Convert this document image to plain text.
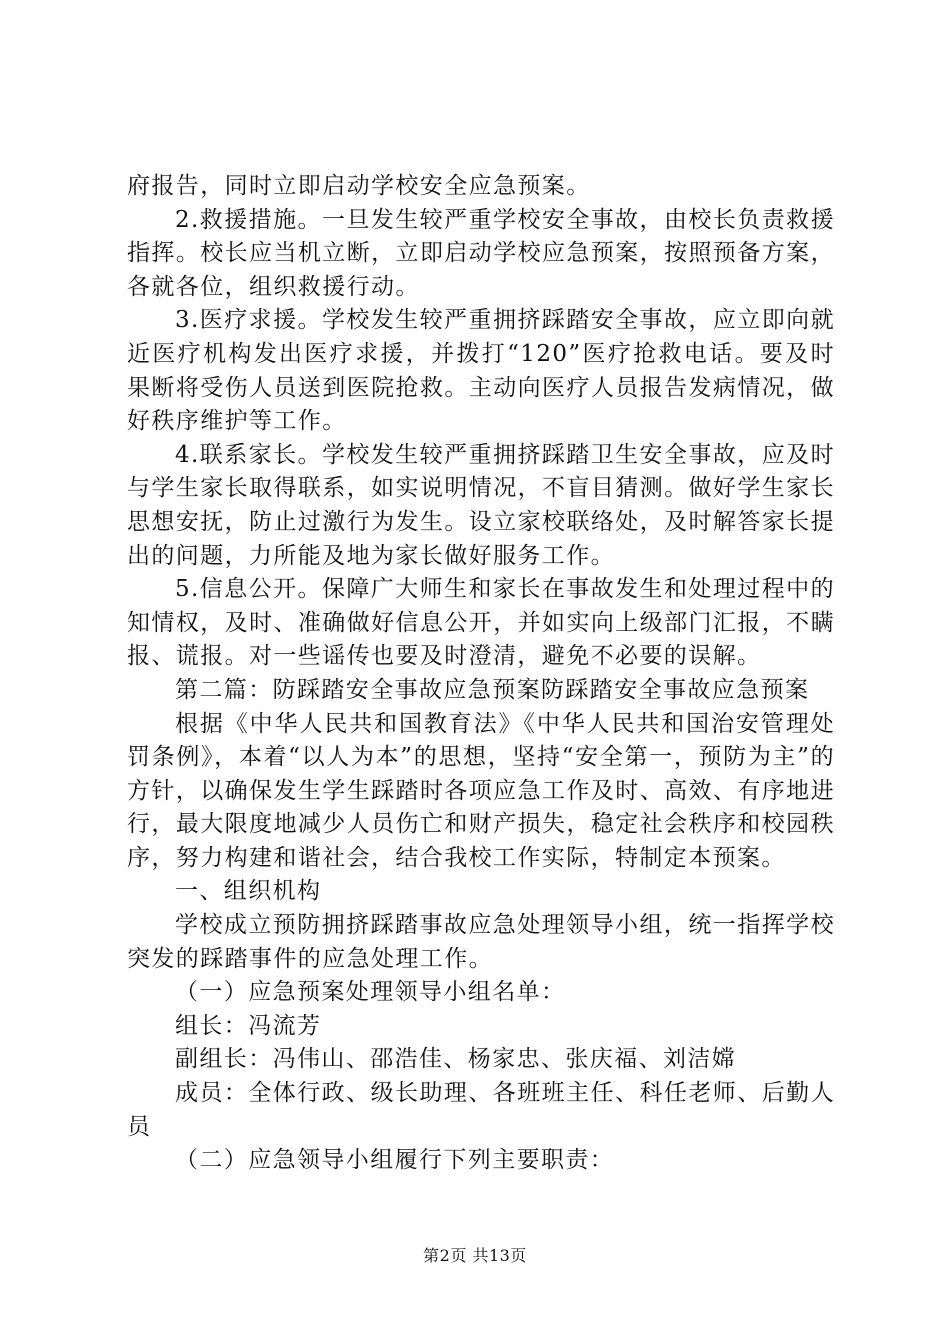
府报告，同时立即启动学校安全应急预案。

2.救援措施。一旦发生较严重学校安全事故，由校长负责救援指挥。校长应当机立断，立即启动学校应急预案，按照预备方案，各就各位，组织救援行动。

3.医疗求援。学校发生较严重拥挤踩踏安全事故，应立即向就近医疗机构发出医疗求援，并拨打“120”医疗抢救电话。要及时果断将受伤人员送到医院抢救。主动向医疗人员报告发病情况，做好秩序维护等工作。

4.联系家长。学校发生较严重拥挤踩踏卫生安全事故，应及时与学生家长取得联系，如实说明情况，不盲目猜测。做好学生家长思想安抚，防止过激行为发生。设立家校联络处，及时解答家长提出的问题，力所能及地为家长做好服务工作。

5.信息公开。保障广大师生和家长在事故发生和处理过程中的知情权，及时、准确做好信息公开，并如实向上级部门汇报，不瞒报、谎报。对一些谣传也要及时澄清，避免不必要的误解。

第二篇：防踩踏安全事故应急预案防踩踏安全事故应急预案

根据《中华人民共和国教育法》《中华人民共和国治安管理处罚条例》，本着“以人为本”的思想，坚持“安全第一，预防为主”的方针，以确保发生学生踩踏时各项应急工作及时、高效、有序地进行，最大限度地减少人员伤亡和财产损失，稳定社会秩序和校园秩序，努力构建和谐社会，结合我校工作实际，特制定本预案。

一、组织机构

学校成立预防拥挤踩踏事故应急处理领导小组，统一指挥学校突发的踩踏事件的应急处理工作。

（一）应急预案处理领导小组名单：

组长：冯流芳

副组长：冯伟山、邵浩佳、杨家忠、张庆福、刘洁嫦

成员：全体行政、级长助理、各班班主任、科任老师、后勤人员

（二）应急领导小组履行下列主要职责：

第2页 共13页
